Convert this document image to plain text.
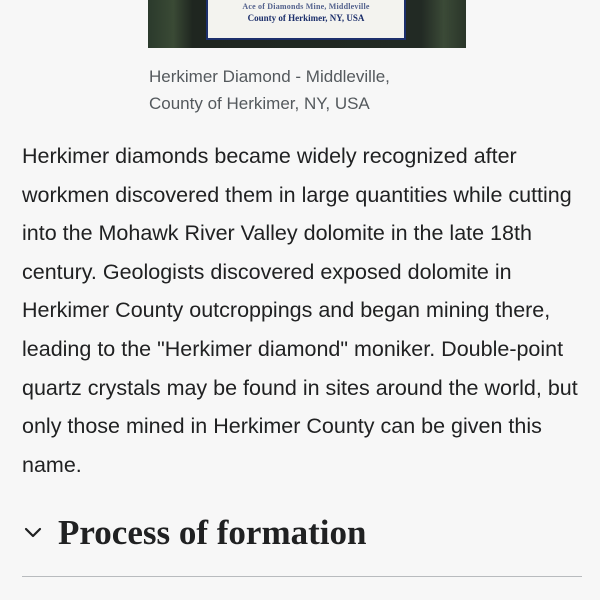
Ace of Diamonds Mine, Middleville
County of Herkimer, NY, USA
Herkimer Diamond - Middleville,
County of Herkimer, NY, USA

Herkimer diamonds became widely recognized after workmen discovered them in large quantities while cutting into the Mohawk River Valley dolomite in the late 18th century. Geologists discovered exposed dolomite in Herkimer County outcroppings and began mining there, leading to the "Herkimer diamond" moniker. Double-point quartz crystals may be found in sites around the world, but only those mined in Herkimer County can be given this name.

Process of formation
